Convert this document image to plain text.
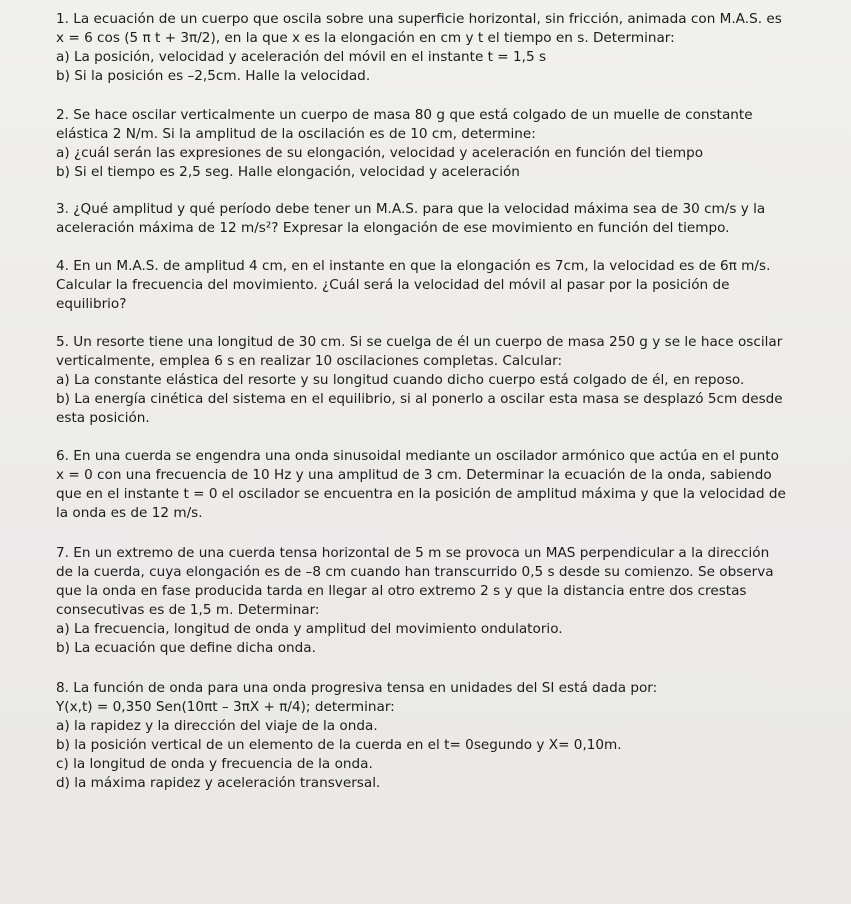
1. La ecuación de un cuerpo que oscila sobre una superficie horizontal, sin fricción, animada con M.A.S. es
x = 6 cos (5 π t + 3π/2), en la que x es la elongación en cm y t el tiempo en s. Determinar:
a) La posición, velocidad y aceleración del móvil en el instante t = 1,5 s
b) Si la posición es –2,5cm. Halle la velocidad.
2. Se hace oscilar verticalmente un cuerpo de masa 80 g que está colgado de un muelle de constante
elástica 2 N/m. Si la amplitud de la oscilación es de 10 cm, determine:
a) ¿cuál serán las expresiones de su elongación, velocidad y aceleración en función del tiempo
b) Si el tiempo es 2,5 seg. Halle elongación, velocidad y aceleración
3. ¿Qué amplitud y qué período debe tener un M.A.S. para que la velocidad máxima sea de 30 cm/s y la
aceleración máxima de 12 m/s²? Expresar la elongación de ese movimiento en función del tiempo.
4. En un M.A.S. de amplitud 4 cm, en el instante en que la elongación es 7cm, la velocidad es de 6π m/s.
Calcular la frecuencia del movimiento. ¿Cuál será la velocidad del móvil al pasar por la posición de
equilibrio?
5. Un resorte tiene una longitud de 30 cm. Si se cuelga de él un cuerpo de masa 250 g y se le hace oscilar
verticalmente, emplea 6 s en realizar 10 oscilaciones completas. Calcular:
a) La constante elástica del resorte y su longitud cuando dicho cuerpo está colgado de él, en reposo.
b) La energía cinética del sistema en el equilibrio, si al ponerlo a oscilar esta masa se desplazó 5cm desde
esta posición.
6. En una cuerda se engendra una onda sinusoidal mediante un oscilador armónico que actúa en el punto
x = 0 con una frecuencia de 10 Hz y una amplitud de 3 cm. Determinar la ecuación de la onda, sabiendo
que en el instante t = 0 el oscilador se encuentra en la posición de amplitud máxima y que la velocidad de
la onda es de 12 m/s.
7. En un extremo de una cuerda tensa horizontal de 5 m se provoca un MAS perpendicular a la dirección
de la cuerda, cuya elongación es de –8 cm cuando han transcurrido 0,5 s desde su comienzo. Se observa
que la onda en fase producida tarda en llegar al otro extremo 2 s y que la distancia entre dos crestas
consecutivas es de 1,5 m. Determinar:
a) La frecuencia, longitud de onda y amplitud del movimiento ondulatorio.
b) La ecuación que define dicha onda.
8. La función de onda para una onda progresiva tensa en unidades del SI está dada por:
Y(x,t) = 0,350 Sen(10πt – 3πX + π/4); determinar:
a) la rapidez y la dirección del viaje de la onda.
b) la posición vertical de un elemento de la cuerda en el t= 0segundo y X= 0,10m.
c) la longitud de onda y frecuencia de la onda.
d) la máxima rapidez y aceleración transversal.
